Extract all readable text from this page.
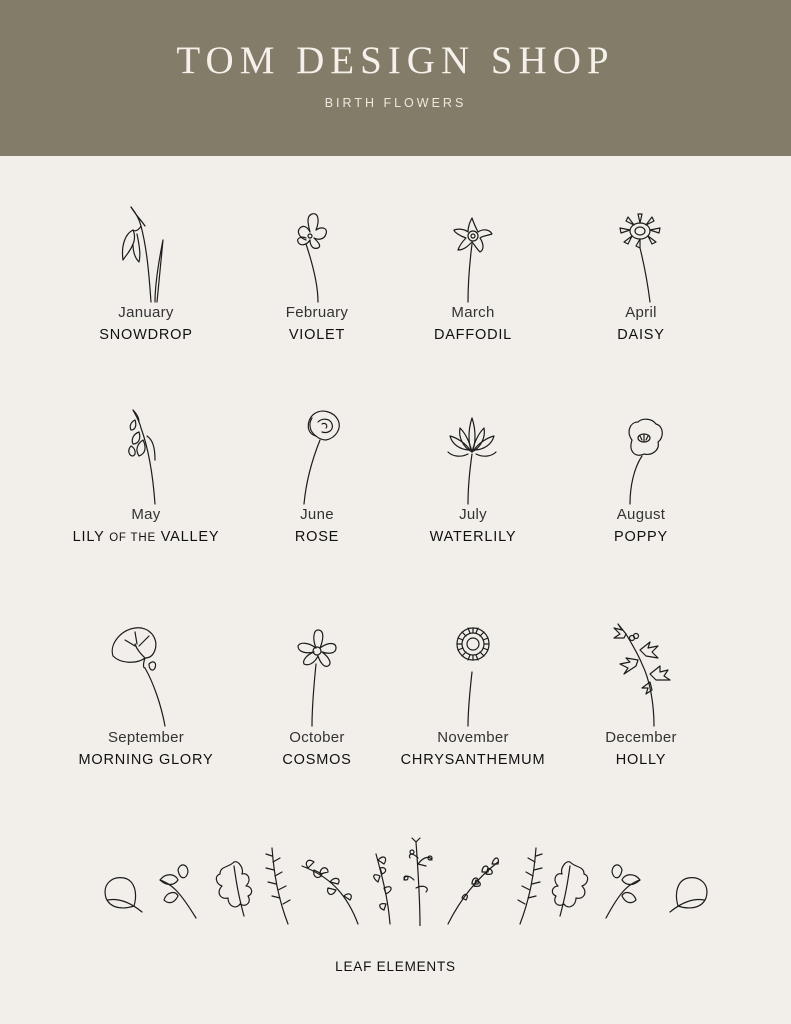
TOM DESIGN SHOP
BIRTH FLOWERS
January
SNOWDROP
February
VIOLET
March
DAFFODIL
April
DAISY
May
LILY OF THE VALLEY
June
ROSE
July
WATERLILY
August
POPPY
September
MORNING GLORY
October
COSMOS
November
CHRYSANTHEMUM
December
HOLLY
LEAF ELEMENTS
